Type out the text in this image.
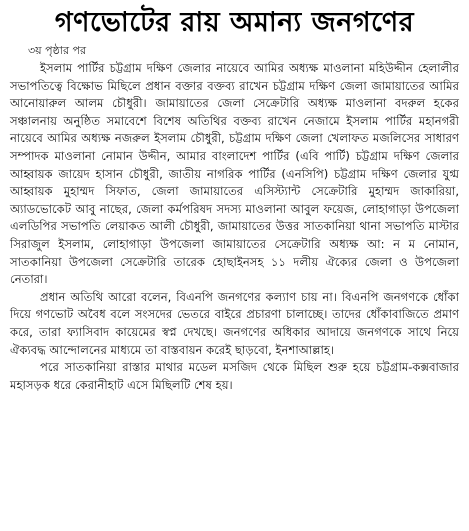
গণভোটের রায় অমান্য জনগণের
৩য় পৃষ্ঠার পর

ইসলাম পার্টির চট্টগ্রাম দক্ষিণ জেলার নায়েবে আমির অধ্যক্ষ মাওলানা মহিউদ্দীন হেলালীর সভাপতিত্বে বিক্ষোভ মিছিলে প্রধান বক্তার বক্তব্য রাখেন চট্টগ্রাম দক্ষিণ জেলা জামায়াতের আমির আনোয়ারুল আলম চৌধুরী। জামায়াতের জেলা সেক্রেটারি অধ্যক্ষ মাওলানা বদরুল হকের সঞ্চালনায় অনুষ্ঠিত সমাবেশে বিশেষ অতিথির বক্তব্য রাখেন নেজামে ইসলাম পার্টির মহানগরী নায়েবে আমির অধ্যক্ষ নজরুল ইসলাম চৌধুরী, চট্টগ্রাম দক্ষিণ জেলা খেলাফত মজলিসের সাধারণ সম্পাদক মাওলানা নোমান উদ্দীন, আমার বাংলাদেশ পার্টির (এবি পার্টি) চট্টগ্রাম দক্ষিণ জেলার আহ্বায়ক জায়েদ হাসান চৌধুরী, জাতীয় নাগরিক পার্টির (এনসিপি) চট্টগ্রাম দক্ষিণ জেলার যুগ্ম আহ্বায়ক মুহাম্মদ সিফাত, জেলা জামায়াতের এসিস্ট্যান্ট সেক্রেটারি মুহাম্মদ জাকারিয়া, অ্যাডভোকেট আবু নাছের, জেলা কর্মপরিষদ সদস্য মাওলানা আবুল ফয়েজ, লোহাগাড়া উপজেলা এলডিপির সভাপতি লেয়াকত আলী চৌধুরী, জামায়াতের উত্তর সাতকানিয়া থানা সভাপতি মাস্টার সিরাজুল ইসলাম, লোহাগাড়া উপজেলা জামায়াতের সেক্রেটারি অধ্যক্ষ আ: ন ম নোমান, সাতকানিয়া উপজেলা সেক্রেটারি তারেক হোছাইনসহ ১১ দলীয় ঐক্যের জেলা ও উপজেলা নেতারা।

প্রধান অতিথি আরো বলেন, বিএনপি জনগণের কল্যাণ চায় না। বিএনপি জনগণকে ধোঁকা দিয়ে গণভোট অবৈধ বলে সংসদের ভেতরে বাইরে প্রচারণা চালাচ্ছে। তাদের ধোঁকাবাজিতে প্রমাণ করে, তারা ফ্যাসিবাদ কায়েমের স্বপ্ন দেখছে। জনগণের অধিকার আদায়ে জনগণকে সাথে নিয়ে ঐক্যবদ্ধ আন্দোলনের মাধ্যমে তা বাস্তবায়ন করেই ছাড়বো, ইনশাআল্লাহ।

পরে সাতকানিয়া রাস্তার মাথার মডেল মসজিদ থেকে মিছিল শুরু হয়ে চট্টগ্রাম-কক্সবাজার মহাসড়ক ধরে কেরানীহাট এসে মিছিলটি শেষ হয়।
